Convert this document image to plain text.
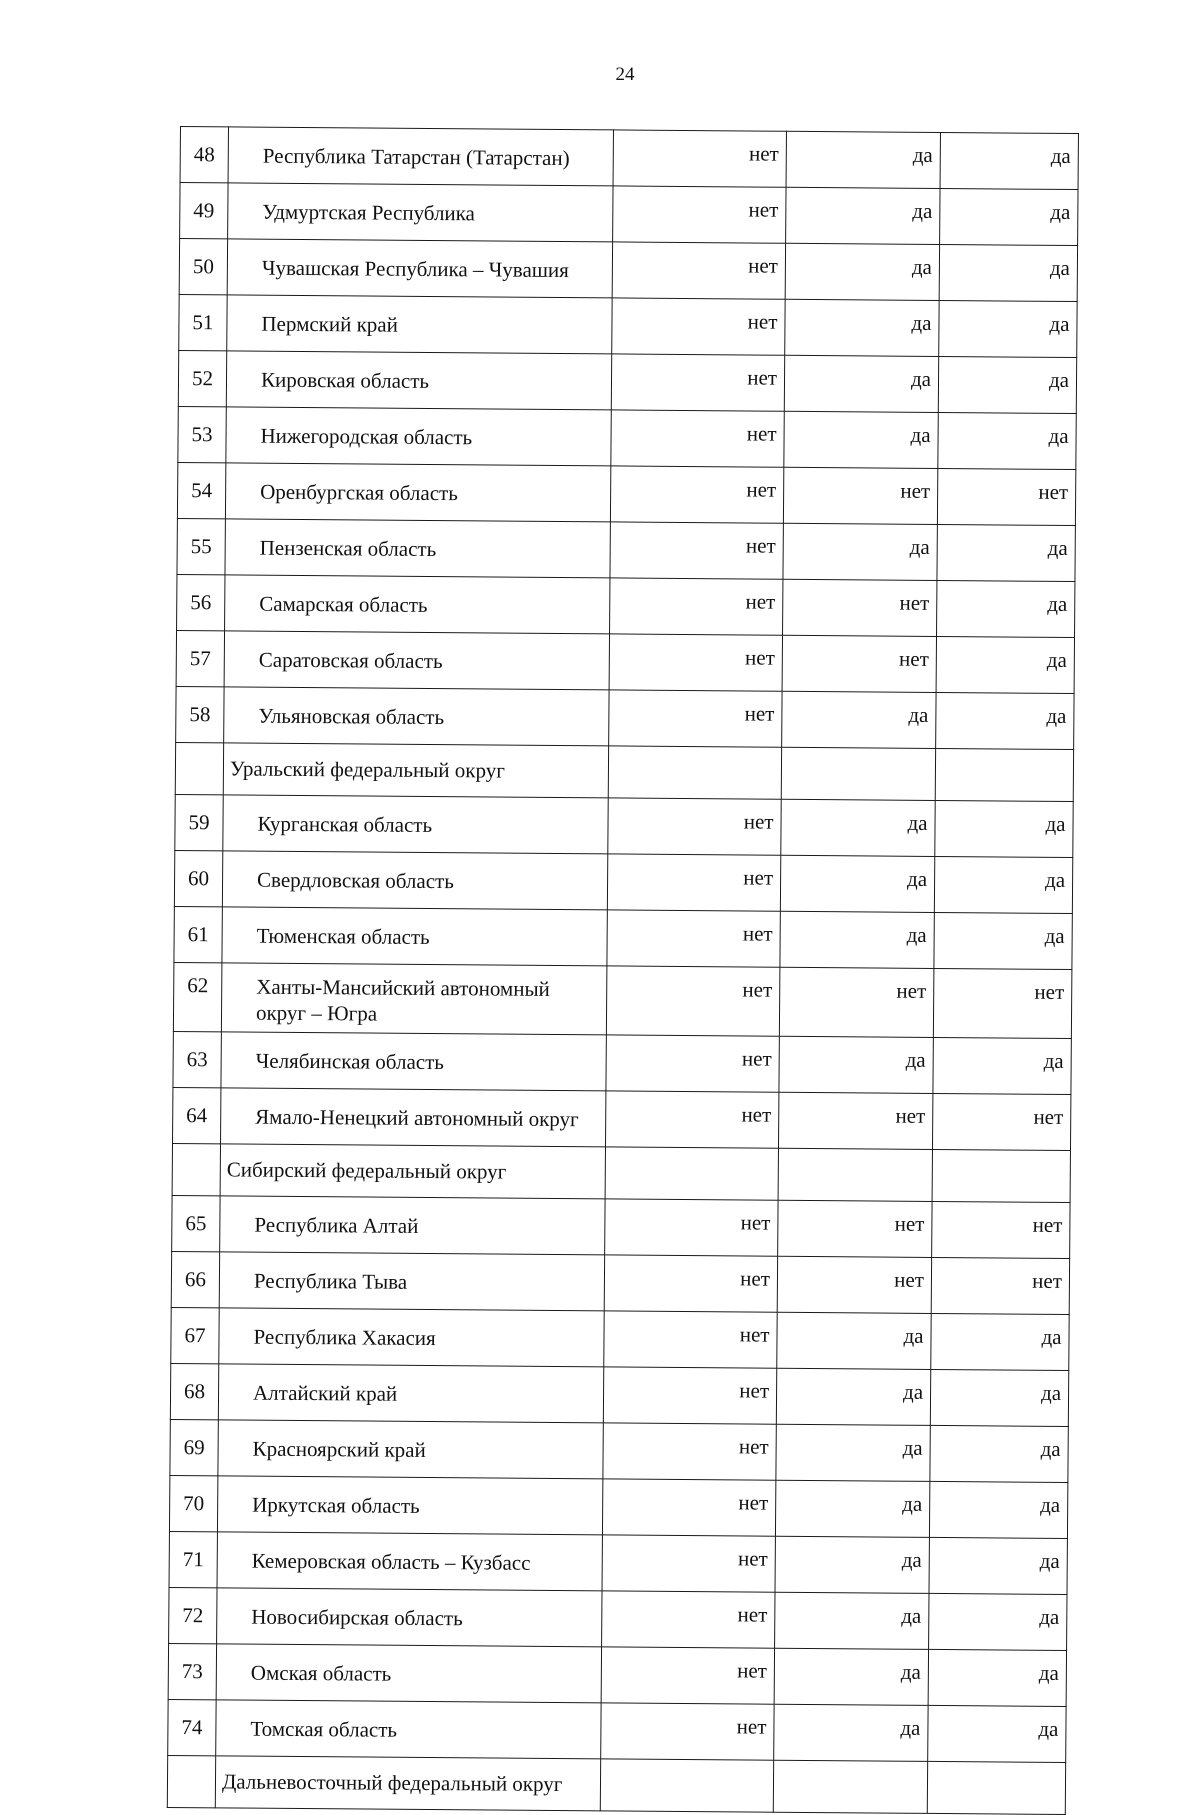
24
48	Республика Татарстан (Татарстан)	нет	да	да
49	Удмуртская Республика	нет	да	да
50	Чувашская Республика – Чувашия	нет	да	да
51	Пермский край	нет	да	да
52	Кировская область	нет	да	да
53	Нижегородская область	нет	да	да
54	Оренбургская область	нет	нет	нет
55	Пензенская область	нет	да	да
56	Самарская область	нет	нет	да
57	Саратовская область	нет	нет	да
58	Ульяновская область	нет	да	да
	Уральский федеральный округ			
59	Курганская область	нет	да	да
60	Свердловская область	нет	да	да
61	Тюменская область	нет	да	да
62	Ханты-Мансийский автономный
округ – Югра	нет	нет	нет
63	Челябинская область	нет	да	да
64	Ямало-Ненецкий автономный округ	нет	нет	нет
	Сибирский федеральный округ			
65	Республика Алтай	нет	нет	нет
66	Республика Тыва	нет	нет	нет
67	Республика Хакасия	нет	да	да
68	Алтайский край	нет	да	да
69	Красноярский край	нет	да	да
70	Иркутская область	нет	да	да
71	Кемеровская область – Кузбасс	нет	да	да
72	Новосибирская область	нет	да	да
73	Омская область	нет	да	да
74	Томская область	нет	да	да
	Дальневосточный федеральный округ			
